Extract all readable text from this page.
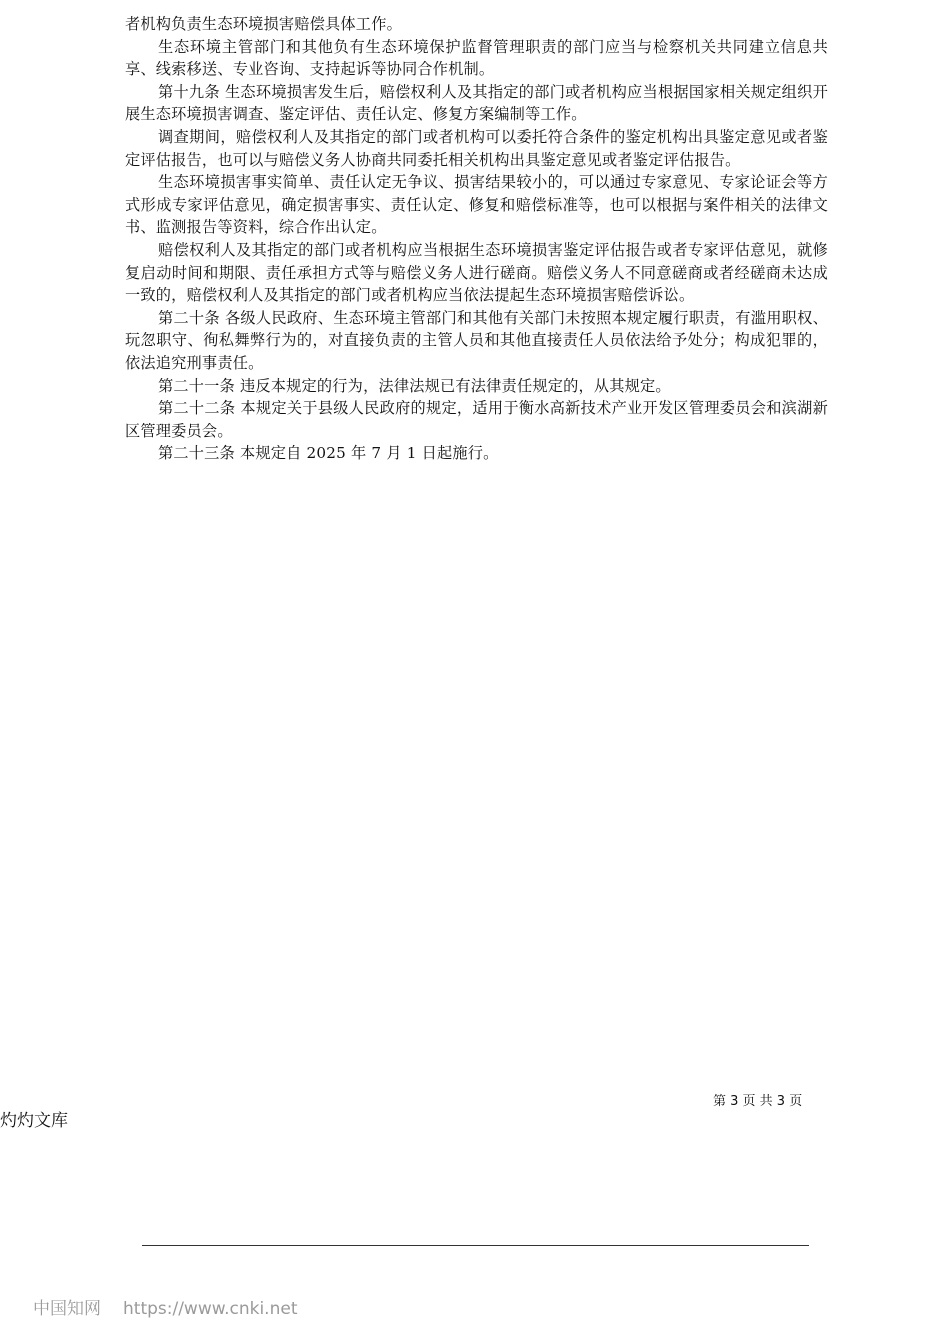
者机构负责生态环境损害赔偿具体工作。

生态环境主管部门和其他负有生态环境保护监督管理职责的部门应当与检察机关共同建立信息共享、线索移送、专业咨询、支持起诉等协同合作机制。

第十九条 生态环境损害发生后，赔偿权利人及其指定的部门或者机构应当根据国家相关规定组织开展生态环境损害调查、鉴定评估、责任认定、修复方案编制等工作。

调查期间，赔偿权利人及其指定的部门或者机构可以委托符合条件的鉴定机构出具鉴定意见或者鉴定评估报告，也可以与赔偿义务人协商共同委托相关机构出具鉴定意见或者鉴定评估报告。

生态环境损害事实简单、责任认定无争议、损害结果较小的，可以通过专家意见、专家论证会等方式形成专家评估意见，确定损害事实、责任认定、修复和赔偿标准等，也可以根据与案件相关的法律文书、监测报告等资料，综合作出认定。

赔偿权利人及其指定的部门或者机构应当根据生态环境损害鉴定评估报告或者专家评估意见，就修复启动时间和期限、责任承担方式等与赔偿义务人进行磋商。赔偿义务人不同意磋商或者经磋商未达成一致的，赔偿权利人及其指定的部门或者机构应当依法提起生态环境损害赔偿诉讼。

第二十条 各级人民政府、生态环境主管部门和其他有关部门未按照本规定履行职责，有滥用职权、玩忽职守、徇私舞弊行为的，对直接负责的主管人员和其他直接责任人员依法给予处分；构成犯罪的，依法追究刑事责任。

第二十一条 违反本规定的行为，法律法规已有法律责任规定的，从其规定。

第二十二条 本规定关于县级人民政府的规定，适用于衡水高新技术产业开发区管理委员会和滨湖新区管理委员会。

第二十三条 本规定自 2025 年 7 月 1 日起施行。

第 3 页 共 3 页
灼灼文库
中国知网 https://www.cnki.net
